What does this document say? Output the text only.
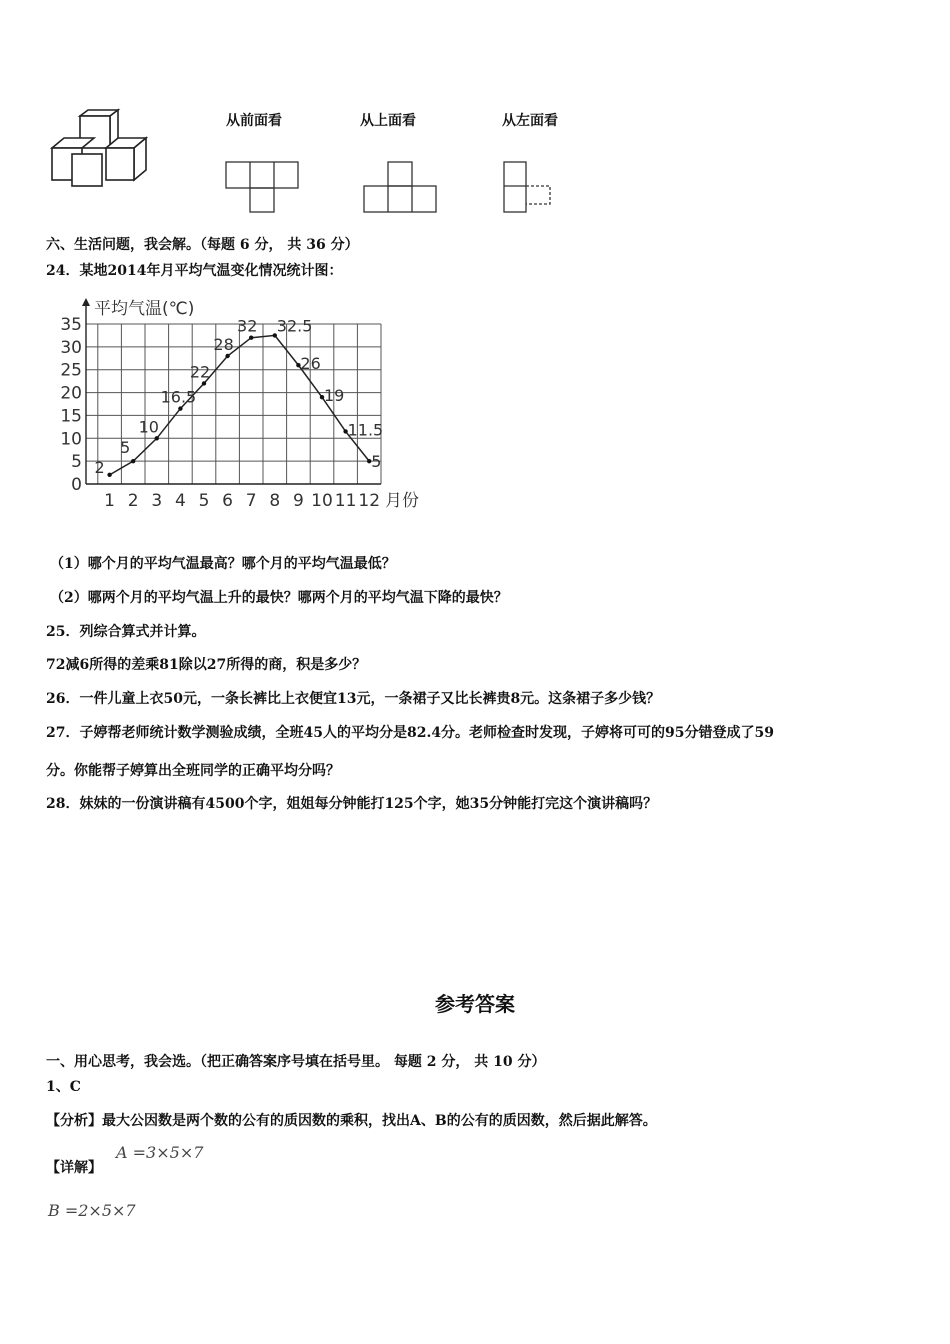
从前面看	从上面看	从左面看
六、生活问题，我会解。（每题 6 分， 共 36 分）
24．某地2014年月平均气温变化情况统计图：
平均气温(℃)
0
5
10
15
20
25
30
35
1 2 3 4 5 6 7 8 9 10 11 12
2
5
10
16.5
22
28
32 32.5
26
19
11.5
5
月份
（1）哪个月的平均气温最高？哪个月的平均气温最低？
（2）哪两个月的平均气温上升的最快？哪两个月的平均气温下降的最快？
25．列综合算式并计算。
72减6所得的差乘81除以27所得的商，积是多少？
26．一件儿童上衣50元，一条长裤比上衣便宜13元，一条裙子又比长裤贵8元。这条裙子多少钱？
27．子婷帮老师统计数学测验成绩，全班45人的平均分是82.4分。老师检查时发现，子婷将可可的95分错登成了59
分。你能帮子婷算出全班同学的正确平均分吗？
28．妹妹的一份演讲稿有4500个字，姐姐每分钟能打125个字，她35分钟能打完这个演讲稿吗？
参考答案
一、用心思考，我会选。（把正确答案序号填在括号里。 每题 2 分， 共 10 分）
1、C
【分析】最大公因数是两个数的公有的质因数的乘积，找出A、B的公有的质因数，然后据此解答。
【详解】
A =3×5×7
B =2×5×7
